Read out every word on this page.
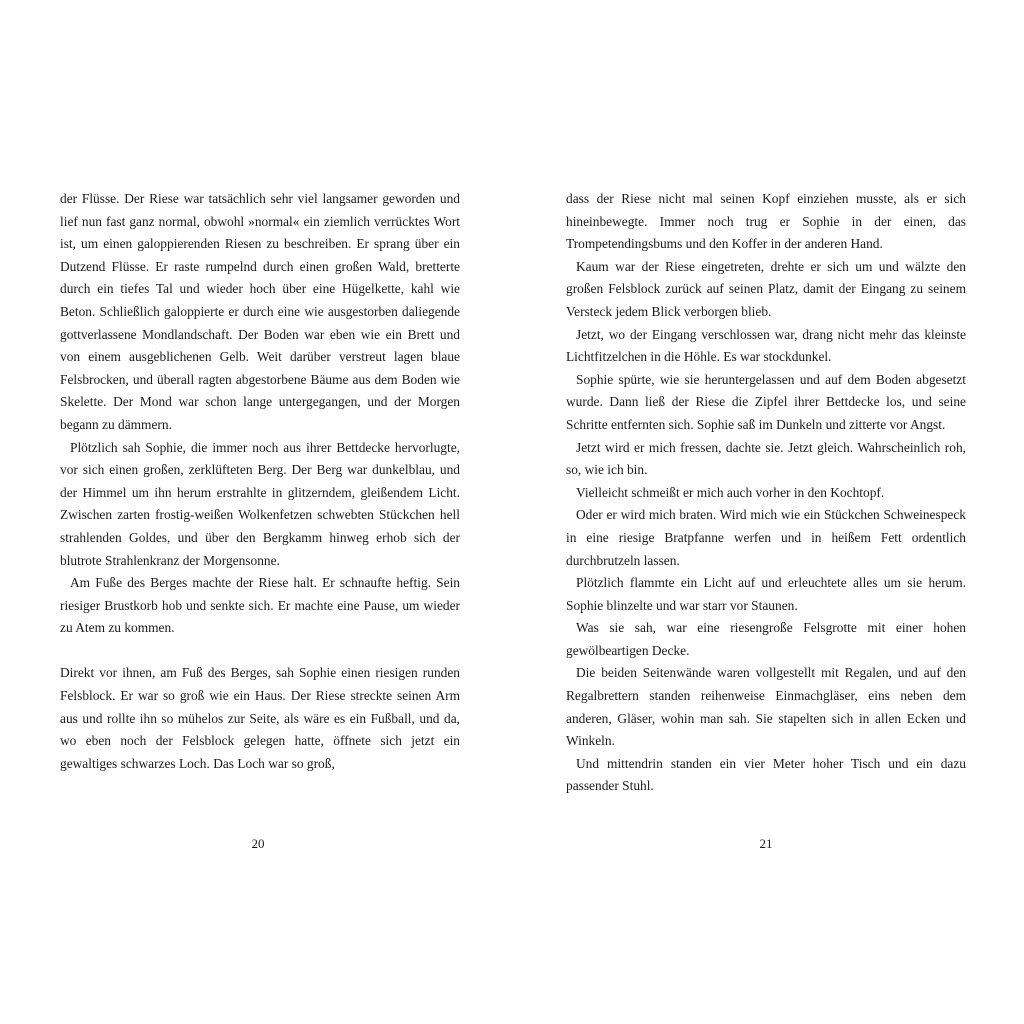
der Flüsse. Der Riese war tatsächlich sehr viel langsamer geworden und lief nun fast ganz normal, obwohl »normal« ein ziemlich verrücktes Wort ist, um einen galoppierenden Riesen zu beschreiben. Er sprang über ein Dutzend Flüsse. Er raste rumpelnd durch einen großen Wald, bretterte durch ein tiefes Tal und wieder hoch über eine Hügelkette, kahl wie Beton. Schließlich galoppierte er durch eine wie ausgestorben daliegende gottverlassene Mondlandschaft. Der Boden war eben wie ein Brett und von einem ausgeblichenen Gelb. Weit darüber verstreut lagen blaue Felsbrocken, und überall ragten abgestorbene Bäume aus dem Boden wie Skelette. Der Mond war schon lange untergegangen, und der Morgen begann zu dämmern.

Plötzlich sah Sophie, die immer noch aus ihrer Bettdecke hervorlugte, vor sich einen großen, zerklüfteten Berg. Der Berg war dunkelblau, und der Himmel um ihn herum erstrahlte in glitzerndem, gleißendem Licht. Zwischen zarten frostig-weißen Wolkenfetzen schwebten Stückchen hell strahlenden Goldes, und über den Bergkamm hinweg erhob sich der blutrote Strahlenkranz der Morgensonne.

Am Fuße des Berges machte der Riese halt. Er schnaufte heftig. Sein riesiger Brustkorb hob und senkte sich. Er machte eine Pause, um wieder zu Atem zu kommen.

Direkt vor ihnen, am Fuß des Berges, sah Sophie einen riesigen runden Felsblock. Er war so groß wie ein Haus. Der Riese streckte seinen Arm aus und rollte ihn so mühelos zur Seite, als wäre es ein Fußball, und da, wo eben noch der Felsblock gelegen hatte, öffnete sich jetzt ein gewaltiges schwarzes Loch. Das Loch war so groß,

20

dass der Riese nicht mal seinen Kopf einziehen musste, als er sich hineinbewegte. Immer noch trug er Sophie in der einen, das Trompetendingsbums und den Koffer in der anderen Hand.

Kaum war der Riese eingetreten, drehte er sich um und wälzte den großen Felsblock zurück auf seinen Platz, damit der Eingang zu seinem Versteck jedem Blick verborgen blieb.

Jetzt, wo der Eingang verschlossen war, drang nicht mehr das kleinste Lichtfitzelchen in die Höhle. Es war stockdunkel.

Sophie spürte, wie sie heruntergelassen und auf dem Boden abgesetzt wurde. Dann ließ der Riese die Zipfel ihrer Bettdecke los, und seine Schritte entfernten sich. Sophie saß im Dunkeln und zitterte vor Angst.

Jetzt wird er mich fressen, dachte sie. Jetzt gleich. Wahrscheinlich roh, so, wie ich bin.

Vielleicht schmeißt er mich auch vorher in den Kochtopf.

Oder er wird mich braten. Wird mich wie ein Stückchen Schweinespeck in eine riesige Bratpfanne werfen und in heißem Fett ordentlich durchbrutzeln lassen.

Plötzlich flammte ein Licht auf und erleuchtete alles um sie herum. Sophie blinzelte und war starr vor Staunen.

Was sie sah, war eine riesengroße Felsgrotte mit einer hohen gewölbeartigen Decke.

Die beiden Seitenwände waren vollgestellt mit Regalen, und auf den Regalbrettern standen reihenweise Einmachgläser, eins neben dem anderen, Gläser, wohin man sah. Sie stapelten sich in allen Ecken und Winkeln.

Und mittendrin standen ein vier Meter hoher Tisch und ein dazu passender Stuhl.

21
